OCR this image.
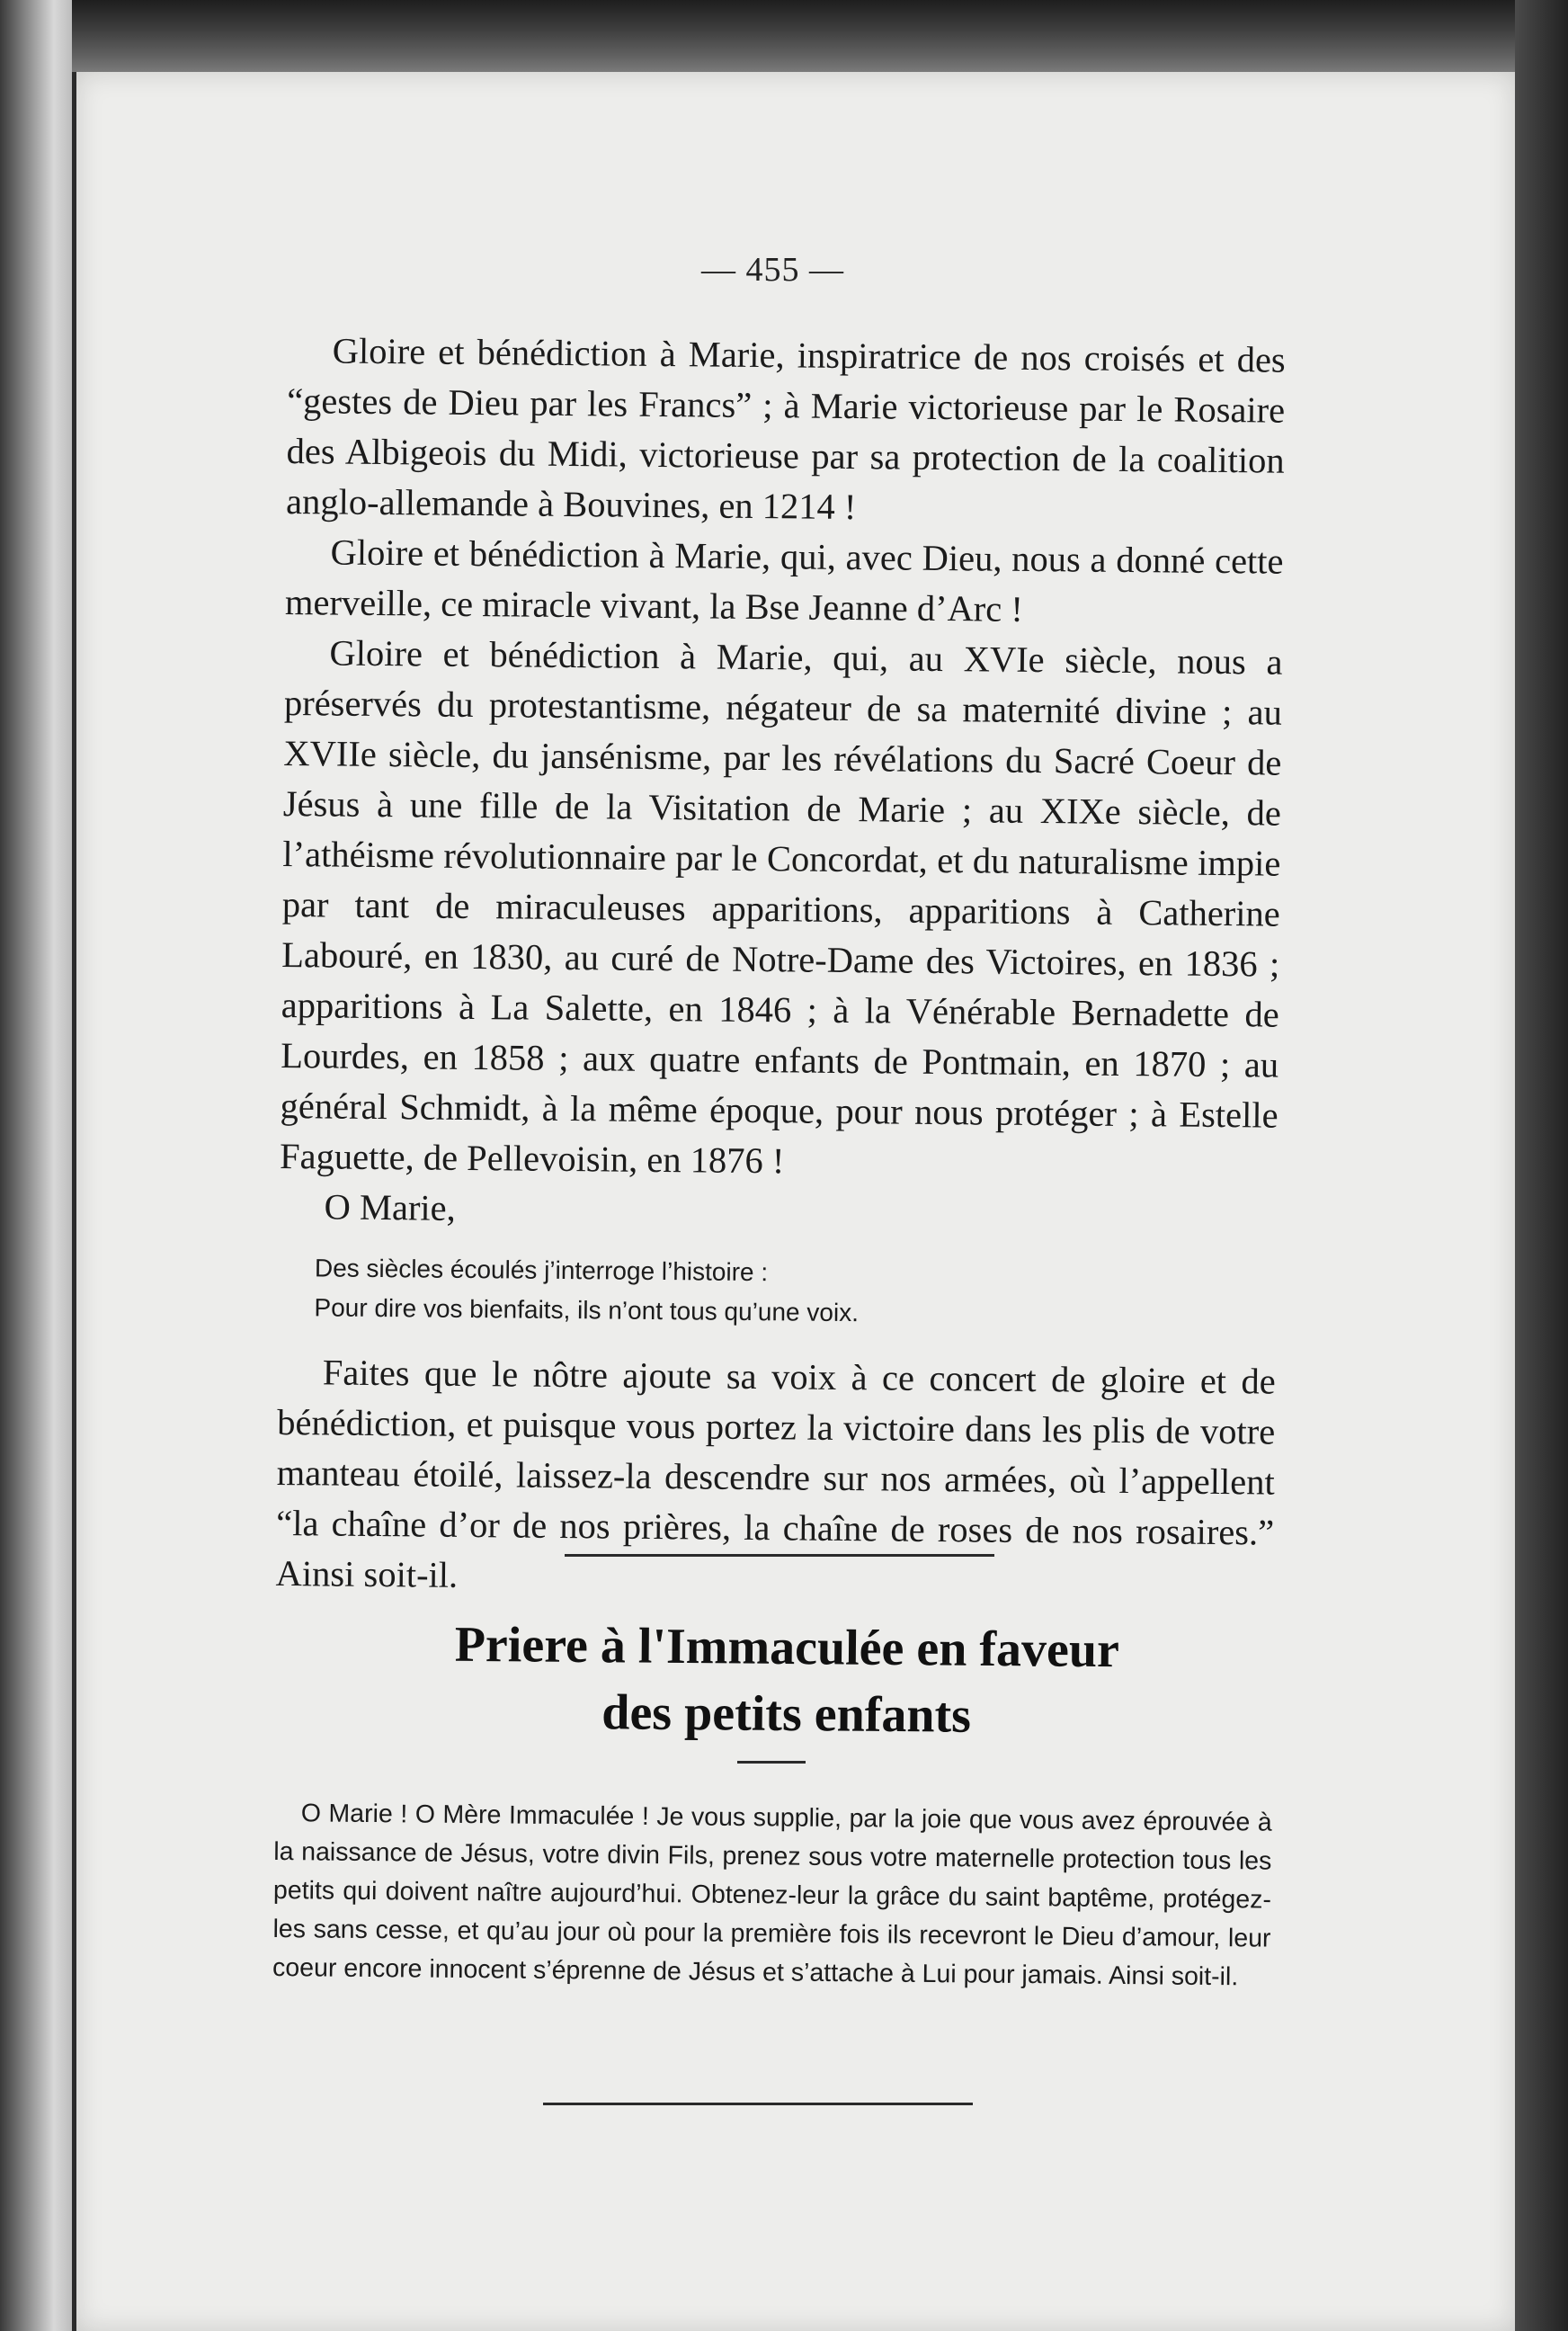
— 455 —

Gloire et bénédiction à Marie, inspiratrice de nos croisés et des “gestes de Dieu par les Francs” ; à Marie victorieuse par le Rosaire des Albigeois du Midi, victorieuse par sa protection de la coalition anglo-allemande à Bouvines, en 1214 !

Gloire et bénédiction à Marie, qui, avec Dieu, nous a donné cette merveille, ce miracle vivant, la Bse Jeanne d’Arc !

Gloire et bénédiction à Marie, qui, au XVIe siècle, nous a préservés du protestantisme, négateur de sa maternité divine ; au XVIIe siècle, du jansénisme, par les révélations du Sacré Coeur de Jésus à une fille de la Visitation de Marie ; au XIXe siècle, de l’athéisme révolutionnaire par le Concordat, et du naturalisme impie par tant de miraculeuses apparitions, apparitions à Catherine Labouré, en 1830, au curé de Notre-Dame des Victoires, en 1836 ; apparitions à La Salette, en 1846 ; à la Vénérable Bernadette de Lourdes, en 1858 ; aux quatre enfants de Pontmain, en 1870 ; au général Schmidt, à la même époque, pour nous protéger ; à Estelle Faguette, de Pellevoisin, en 1876 !

O Marie,

Des siècles écoulés j’interroge l’histoire :
Pour dire vos bienfaits, ils n’ont tous qu’une voix.

Faites que le nôtre ajoute sa voix à ce concert de gloire et de bénédiction, et puisque vous portez la victoire dans les plis de votre manteau étoilé, laissez-la descendre sur nos armées, où l’appellent “la chaîne d’or de nos prières, la chaîne de roses de nos rosaires.” Ainsi soit-il.

Priere à l'Immaculée en faveur
des petits enfants

O Marie ! O Mère Immaculée ! Je vous supplie, par la joie que vous avez éprouvée à la naissance de Jésus, votre divin Fils, prenez sous votre maternelle protection tous les petits qui doivent naître aujourd’hui. Obtenez-leur la grâce du saint baptême, protégez-les sans cesse, et qu’au jour où pour la première fois ils recevront le Dieu d’amour, leur coeur encore innocent s’éprenne de Jésus et s’attache à Lui pour jamais. Ainsi soit-il.
